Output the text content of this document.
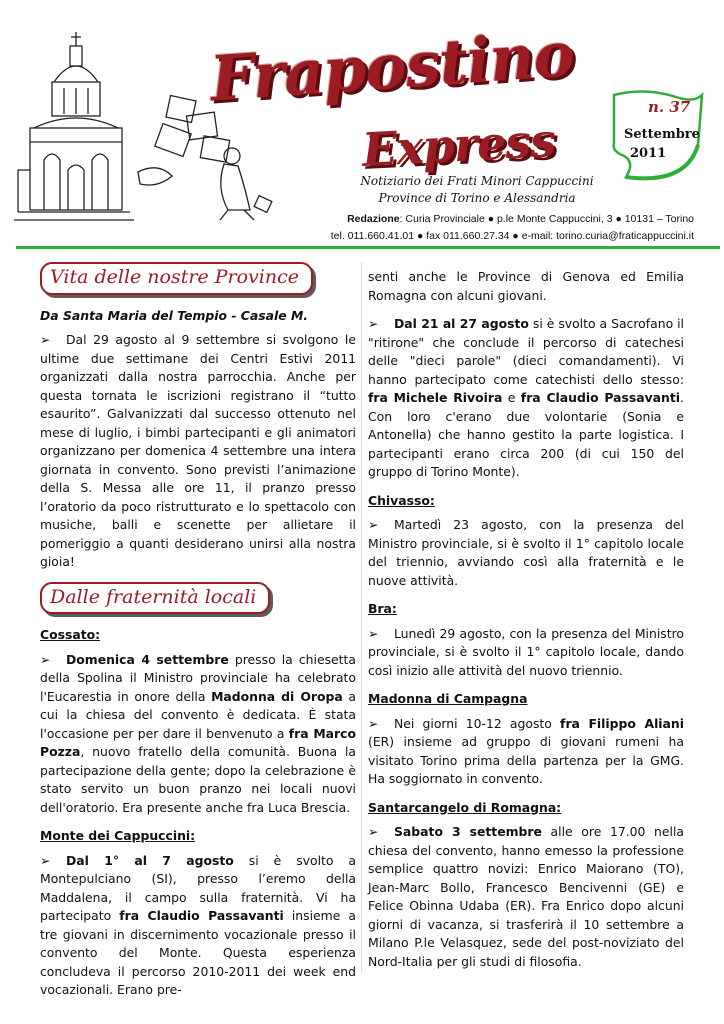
Frapostino
Express
n. 37
Settembre
2011
Notiziario dei Frati Minori Cappuccini
Province di Torino e Alessandria
Redazione: Curia Provinciale ● p.le Monte Cappuccini, 3 ● 10131 – Torino
tel. 011.660.41.01 ● fax 011.660.27.34 ● e-mail: torino.curia@fraticappuccini.it
Vita delle nostre Province
Da Santa Maria del Tempio - Casale M.

➢ Dal 29 agosto al 9 settembre si svolgono le ultime due settimane dei Centri Estivi 2011 organizzati dalla nostra parrocchia. Anche per questa tornata le iscrizioni registrano il “tutto esaurito”. Galvanizzati dal successo ottenuto nel mese di luglio, i bimbi partecipanti e gli animatori organizzano per domenica 4 settembre una intera giornata in convento. Sono previsti l’animazione della S. Messa alle ore 11, il pranzo presso l’oratorio da poco ristrutturato e lo spettacolo con musiche, balli e scenette per allietare il pomeriggio a quanti desiderano unirsi alla nostra gioia!

Dalle fraternità locali
Cossato:

➢ Domenica 4 settembre presso la chiesetta della Spolina il Ministro provinciale ha celebrato l'Eucarestia in onore della Madonna di Oropa a cui la chiesa del convento è dedicata. È stata l'occasione per per dare il benvenuto a fra Marco Pozza, nuovo fratello della comunità. Buona la partecipazione della gente; dopo la celebrazione è stato servito un buon pranzo nei locali nuovi dell'oratorio. Era presente anche fra Luca Brescia.

Monte dei Cappuccini:

➢ Dal 1° al 7 agosto si è svolto a Montepulciano (SI), presso l’eremo della Maddalena, il campo sulla fraternità. Vi ha partecipato fra Claudio Passavanti insieme a tre giovani in discernimento vocazionale presso il convento del Monte. Questa esperienza concludeva il percorso 2010-2011 dei week end vocazionali. Erano pre-

senti anche le Province di Genova ed Emilia Romagna con alcuni giovani.

➢ Dal 21 al 27 agosto si è svolto a Sacrofano il "ritirone" che conclude il percorso di catechesi delle "dieci parole" (dieci comandamenti). Vi hanno partecipato come catechisti dello stesso: fra Michele Rivoira e fra Claudio Passavanti. Con loro c'erano due volontarie (Sonia e Antonella) che hanno gestito la parte logistica. I partecipanti erano circa 200 (di cui 150 del gruppo di Torino Monte).

Chivasso:

➢ Martedì 23 agosto, con la presenza del Ministro provinciale, si è svolto il 1° capitolo locale del triennio, avviando così alla fraternità e le nuove attività.

Bra:

➢ Lunedì 29 agosto, con la presenza del Ministro provinciale, si è svolto il 1° capitolo locale, dando così inizio alle attività del nuovo triennio.

Madonna di Campagna

➢ Nei giorni 10-12 agosto fra Filippo Aliani (ER) insieme ad gruppo di giovani rumeni ha visitato Torino prima della partenza per la GMG. Ha soggiornato in convento.

Santarcangelo di Romagna:

➢ Sabato 3 settembre alle ore 17.00 nella chiesa del convento, hanno emesso la professione semplice quattro novizi: Enrico Maiorano (TO), Jean-Marc Bollo, Francesco Bencivenni (GE) e Felice Obinna Udaba (ER). Fra Enrico dopo alcuni giorni di vacanza, si trasferirà il 10 settembre a Milano P.le Velasquez, sede del post-noviziato del Nord-Italia per gli studi di filosofia.
